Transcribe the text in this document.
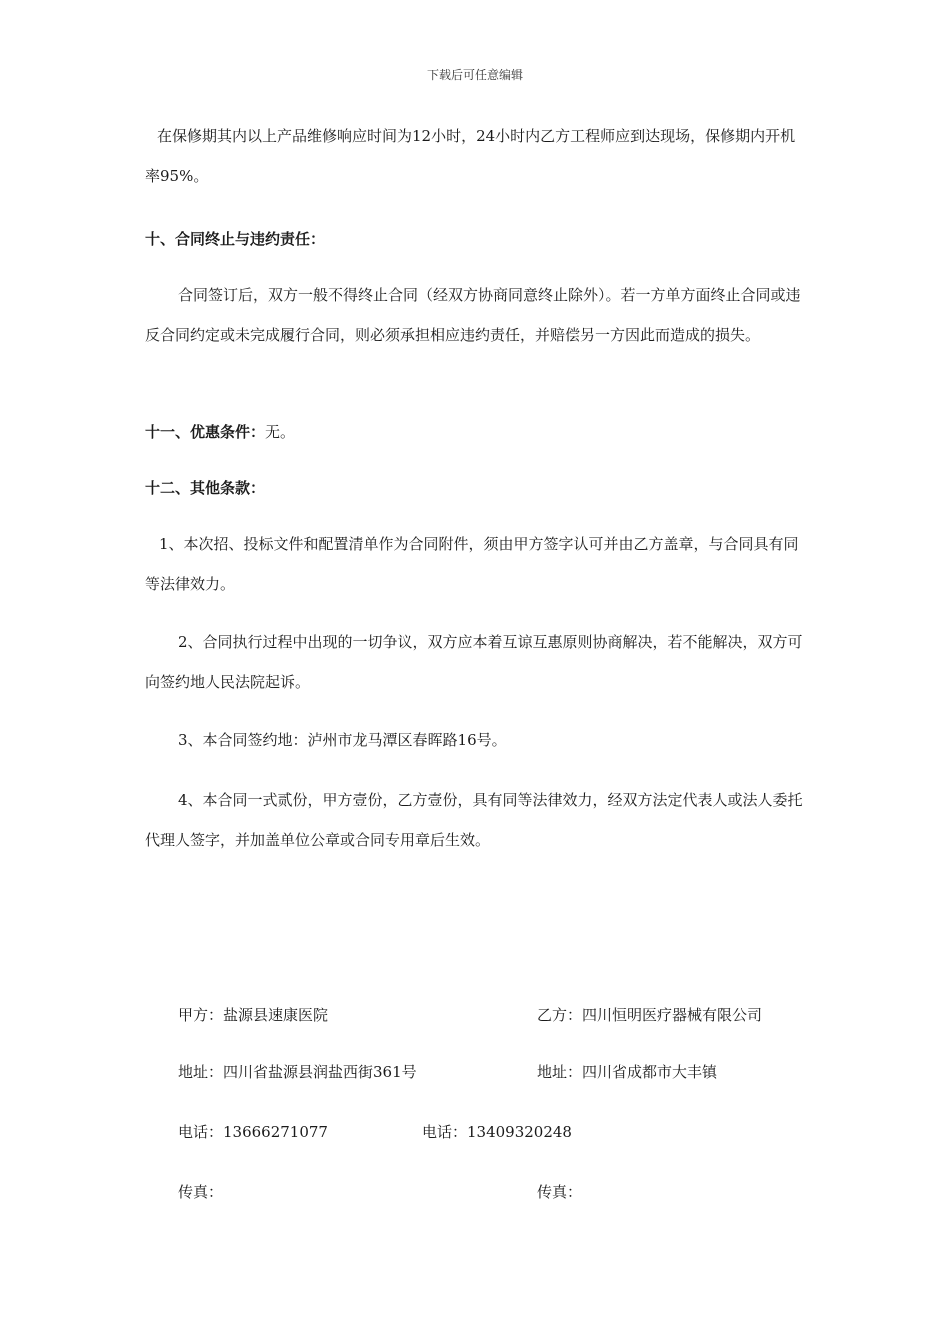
下载后可任意编辑

在保修期其内以上产品维修响应时间为12小时，24小时内乙方工程师应到达现场，保修期内开机率95%。

十、合同终止与违约责任：

合同签订后，双方一般不得终止合同（经双方协商同意终止除外）。若一方单方面终止合同或违反合同约定或未完成履行合同，则必须承担相应违约责任，并赔偿另一方因此而造成的损失。

十一、优惠条件：无。
十二、其他条款：

1、本次招、投标文件和配置清单作为合同附件，须由甲方签字认可并由乙方盖章，与合同具有同等法律效力。

2、合同执行过程中出现的一切争议，双方应本着互谅互惠原则协商解决，若不能解决，双方可向签约地人民法院起诉。

3、本合同签约地：泸州市龙马潭区春晖路16号。

4、本合同一式贰份，甲方壹份，乙方壹份，具有同等法律效力，经双方法定代表人或法人委托代理人签字，并加盖单位公章或合同专用章后生效。

甲方：盐源县速康医院	乙方：四川恒明医疗器械有限公司
地址：四川省盐源县润盐西街361号	地址：四川省成都市大丰镇
电话：13666271077	电话：13409320248
传真：	传真：
